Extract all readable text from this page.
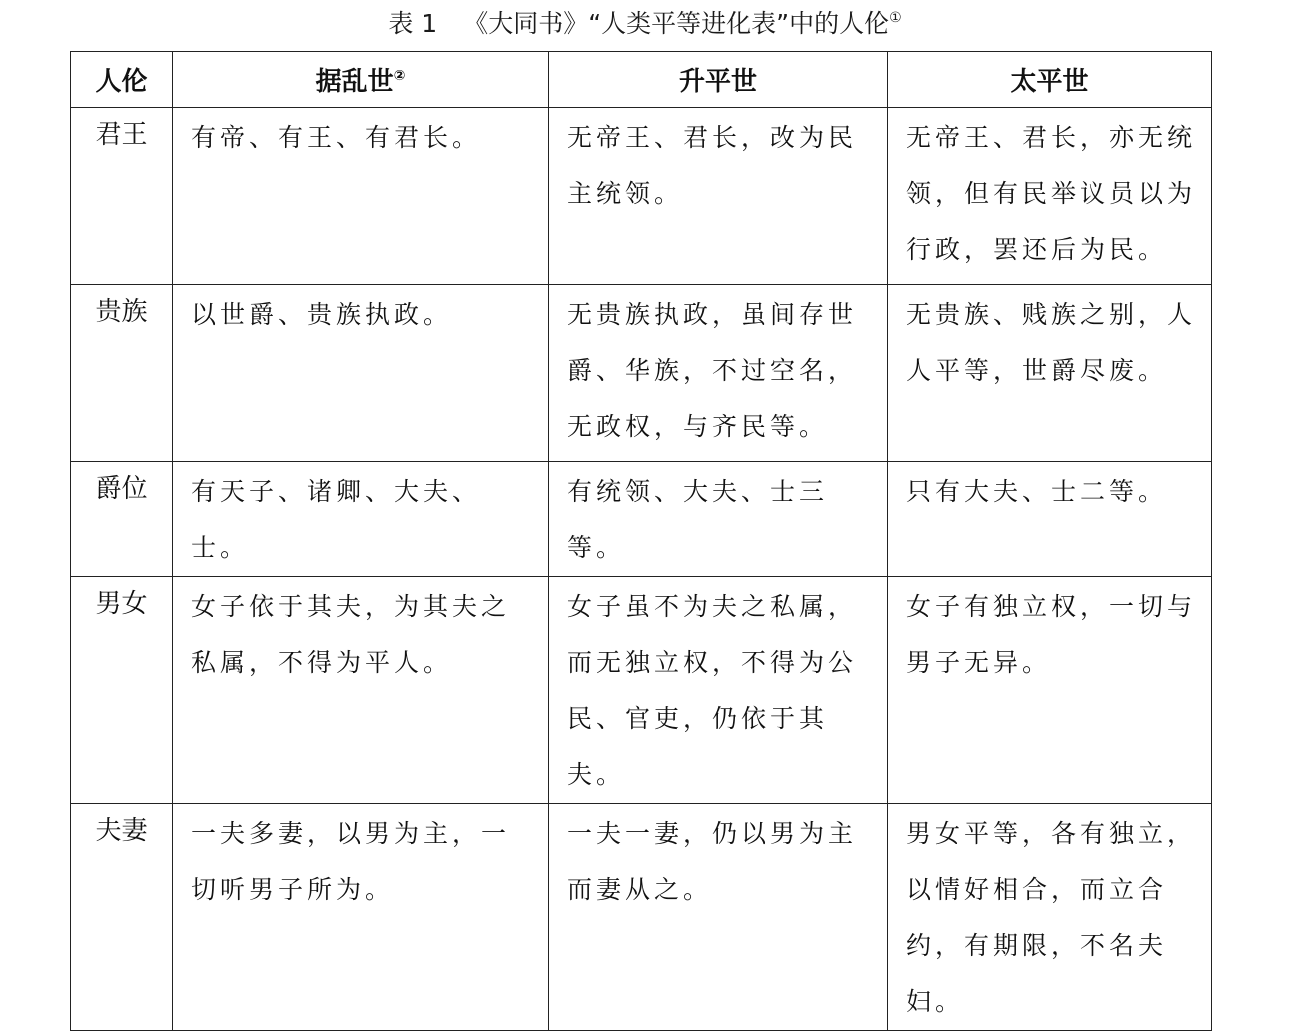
表 1 《大同书》“人类平等进化表”中的人伦①
人伦	据乱世②	升平世	太平世
君王	有帝、有王、有君长。	无帝王、君长，改为民主统领。	无帝王、君长，亦无统领，但有民举议员以为行政，罢还后为民。
贵族	以世爵、贵族执政。	无贵族执政，虽间存世爵、华族，不过空名，无政权，与齐民等。	无贵族、贱族之别，人人平等，世爵尽废。
爵位	有天子、诸卿、大夫、士。	有统领、大夫、士三等。	只有大夫、士二等。
男女	女子依于其夫，为其夫之私属，不得为平人。	女子虽不为夫之私属，而无独立权，不得为公民、官吏，仍依于其夫。	女子有独立权，一切与男子无异。
夫妻	一夫多妻，以男为主，一切听男子所为。	一夫一妻，仍以男为主而妻从之。	男女平等，各有独立，以情好相合，而立合约，有期限，不名夫妇。
